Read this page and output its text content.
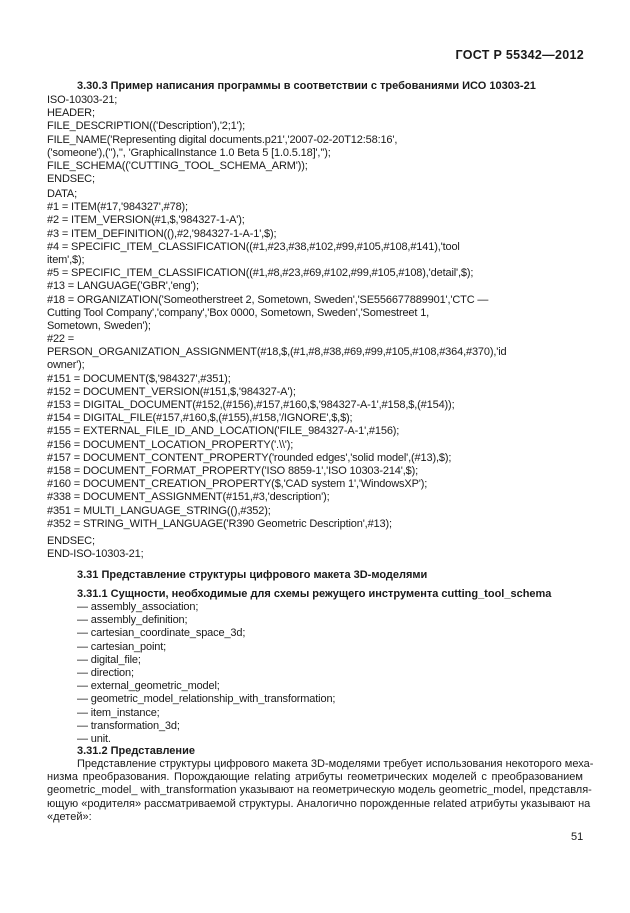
ГОСТ Р 55342—2012
3.30.3 Пример написания программы в соответствии с требованиями ИСО 10303-21
ISO-10303-21;
HEADER;
FILE_DESCRIPTION(('Description'),'2;1');
FILE_NAME('Representing digital documents.p21','2007-02-20T12:58:16',
('someone'),(''),'', 'GraphicalInstance 1.0 Beta 5 [1.0.5.18]','');
FILE_SCHEMA(('CUTTING_TOOL_SCHEMA_ARM'));
ENDSEC;
DATA;
#1 = ITEM(#17,'984327',#78);
#2 = ITEM_VERSION(#1,$,'984327-1-A');
#3 = ITEM_DEFINITION((),#2,'984327-1-A-1',$);
#4 = SPECIFIC_ITEM_CLASSIFICATION((#1,#23,#38,#102,#99,#105,#108,#141),'tool
item',$);
#5 = SPECIFIC_ITEM_CLASSIFICATION((#1,#8,#23,#69,#102,#99,#105,#108),'detail',$);
#13 = LANGUAGE('GBR','eng');
#18 = ORGANIZATION('Someotherstreet 2, Sometown, Sweden','SE556677889901','CTC —
Cutting Tool Company','company','Box 0000, Sometown, Sweden','Somestreet 1,
Sometown, Sweden');
#22 =
PERSON_ORGANIZATION_ASSIGNMENT(#18,$,(#1,#8,#38,#69,#99,#105,#108,#364,#370),'id
owner');
#151 = DOCUMENT($,'984327',#351);
#152 = DOCUMENT_VERSION(#151,$,'984327-A');
#153 = DIGITAL_DOCUMENT(#152,(#156),#157,#160,$,'984327-A-1',#158,$,(#154));
#154 = DIGITAL_FILE(#157,#160,$,(#155),#158,'/IGNORE',$,$);
#155 = EXTERNAL_FILE_ID_AND_LOCATION('FILE_984327-A-1',#156);
#156 = DOCUMENT_LOCATION_PROPERTY('.\\');
#157 = DOCUMENT_CONTENT_PROPERTY('rounded edges','solid model',(#13),$);
#158 = DOCUMENT_FORMAT_PROPERTY('ISO 8859-1','ISO 10303-214',$);
#160 = DOCUMENT_CREATION_PROPERTY($,'CAD system 1','WindowsXP');
#338 = DOCUMENT_ASSIGNMENT(#151,#3,'description');
#351 = MULTI_LANGUAGE_STRING((),#352);
#352 = STRING_WITH_LANGUAGE('R390 Geometric Description',#13);
ENDSEC;
END-ISO-10303-21;
3.31 Представление структуры цифрового макета 3D-моделями
3.31.1 Сущности, необходимые для схемы режущего инструмента cutting_tool_schema
— assembly_association;
— assembly_definition;
— cartesian_coordinate_space_3d;
— cartesian_point;
— digital_file;
— direction;
— external_geometric_model;
— geometric_model_relationship_with_transformation;
— item_instance;
— transformation_3d;
— unit.
3.31.2 Представление
Представление структуры цифрового макета 3D-моделями требует использования некоторого меха-
низма преобразования. Порождающие relating атрибуты геометрических моделей с преобразованием
geometric_model_ with_transformation указывают на геометрическую модель geometric_model, представля-
ющую «родителя» рассматриваемой структуры. Аналогично порожденные related атрибуты указывают на
«детей»:
51
